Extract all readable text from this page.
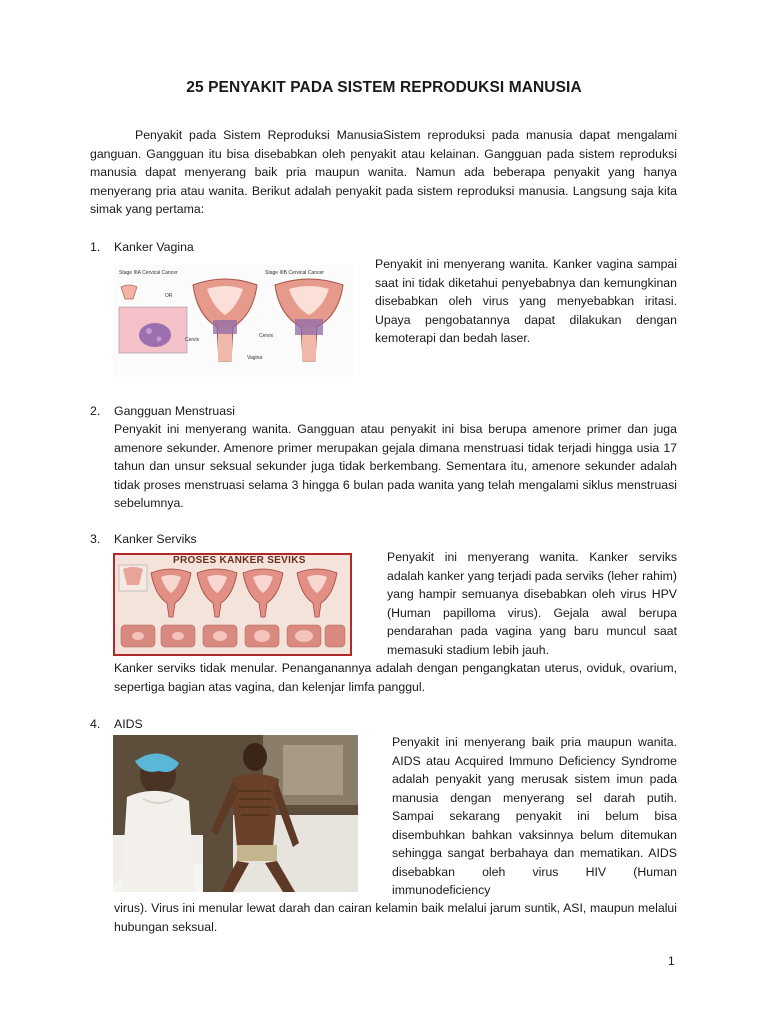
25 PENYAKIT PADA SISTEM REPRODUKSI MANUSIA
Penyakit pada Sistem Reproduksi ManusiaSistem reproduksi pada manusia dapat mengalami ganguan. Gangguan itu bisa disebabkan oleh penyakit atau kelainan. Gangguan pada sistem reproduksi manusia dapat menyerang baik pria maupun wanita. Namun ada beberapa penyakit yang hanya menyerang pria atau wanita. Berikut adalah penyakit pada sistem reproduksi manusia. Langsung saja kita simak yang pertama:
1. Kanker Vagina
Stage IIIA Cervical Cancer	Stage IIIB Cervical Cancer
OR
Cervix
Cervix
Vagina
Penyakit ini menyerang wanita. Kanker vagina sampai saat ini tidak diketahui penyebabnya dan kemungkinan disebabkan oleh virus yang menyebabkan iritasi. Upaya pengobatannya dapat dilakukan dengan kemoterapi dan bedah laser.
2. Gangguan Menstruasi
Penyakit ini menyerang wanita. Gangguan atau penyakit ini bisa berupa amenore primer dan juga amenore sekunder. Amenore primer merupakan gejala dimana menstruasi tidak terjadi hingga usia 17 tahun dan unsur seksual sekunder juga tidak berkembang. Sementara itu, amenore sekunder adalah tidak proses menstruasi selama 3 hingga 6 bulan pada wanita yang telah mengalami siklus menstruasi sebelumnya.
3. Kanker Serviks
PROSES KANKER SEVIKS	Penyakit ini menyerang wanita. Kanker serviks adalah kanker yang terjadi pada serviks (leher rahim) yang hampir semuanya disebabkan oleh virus HPV (Human papilloma virus). Gejala awal berupa pendarahan pada vagina yang baru muncul saat memasuki stadium lebih jauh.
Kanker serviks tidak menular. Penanganannya adalah dengan pengangkatan uterus, oviduk, ovarium, sepertiga bagian atas vagina, dan kelenjar limfa panggul.
4. AIDS
Penyakit ini menyerang baik pria maupun wanita. AIDS atau Acquired Immuno Deficiency Syndrome adalah penyakit yang merusak sistem imun pada manusia dengan menyerang sel darah putih. Sampai sekarang penyakit ini belum bisa disembuhkan bahkan vaksinnya belum ditemukan sehingga sangat berbahaya dan mematikan. AIDS disebabkan oleh virus HIV (Human immunodeficiency
virus). Virus ini menular lewat darah dan cairan kelamin baik melalui jarum suntik, ASI, maupun melalui hubungan seksual.
1
